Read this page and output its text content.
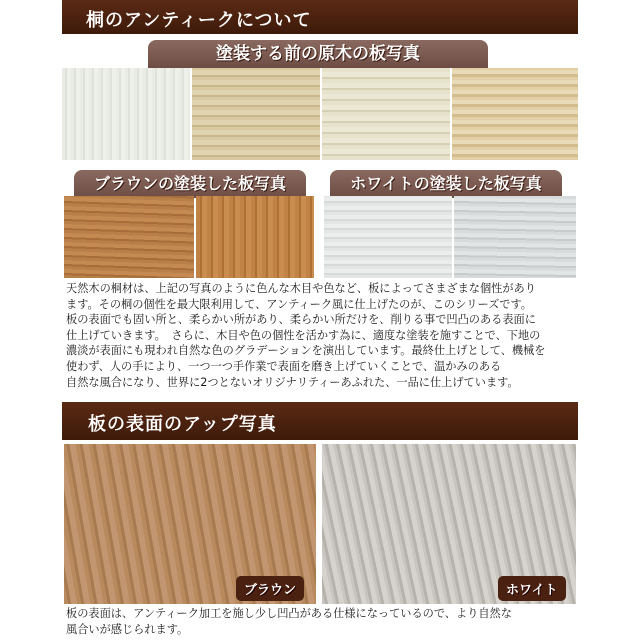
桐のアンティークについて
塗装する前の原木の板写真
ブラウンの塗装した板写真	ホワイトの塗装した板写真
天然木の桐材は、上記の写真のように色んな木目や色など、板によってさまざまな個性があり
ます。その桐の個性を最大限利用して、アンティーク風に仕上げたのが、このシリーズです。
板の表面でも固い所と、柔らかい所があり、柔らかい所だけを、削りる事で凹凸のある表面に
仕上げていきます。　さらに、木目や色の個性を活かす為に、適度な塗装を施すことで、下地の
濃淡が表面にも現われ自然な色のグラデーションを演出しています。最終仕上げとして、機械を
使わず、人の手により、一つ一つ手作業で表面を磨き上げていくことで、温かみのある
自然な風合になり、世界に2つとないオリジナリティーあふれた、一品に仕上げています。
板の表面のアップ写真
ブラウン	ホワイト
板の表面は、アンティーク加工を施し少し凹凸がある仕様になっているので、より自然な
風合いが感じられます。
